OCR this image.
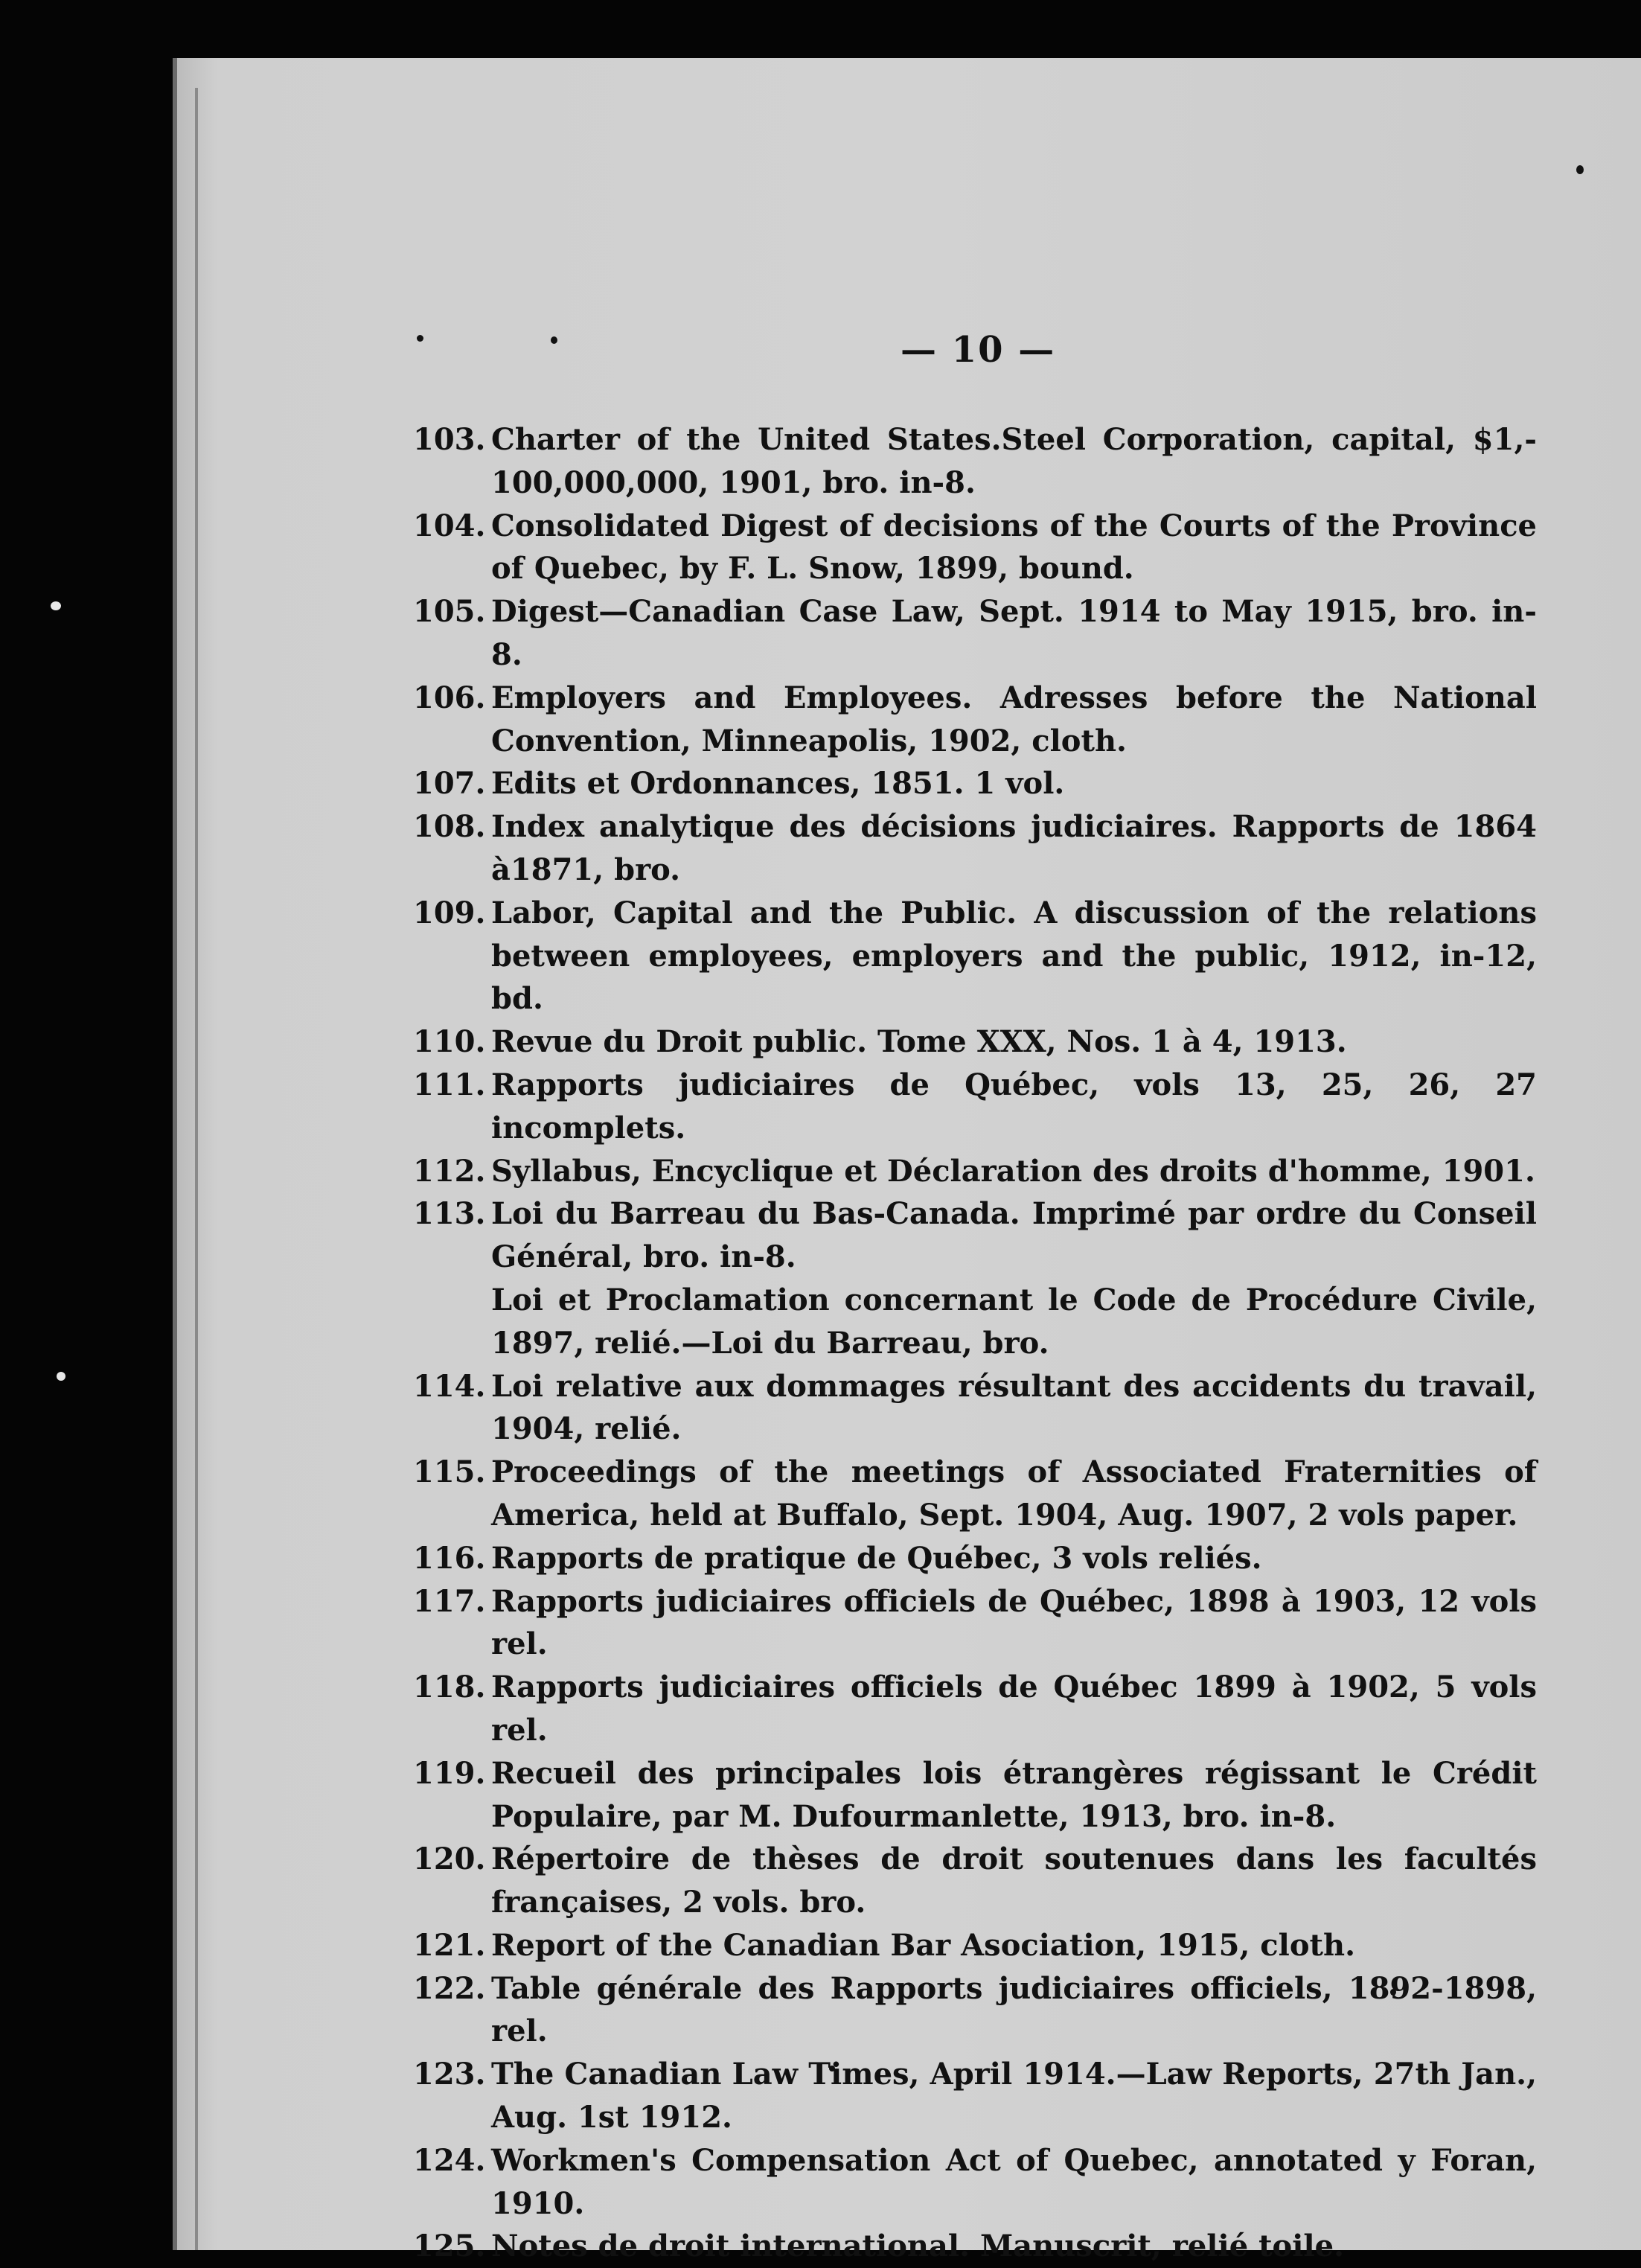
— 10 —
103. Charter of the United States.Steel Corporation, capital, $1,- 100,000,000, 1901, bro. in-8.
104. Consolidated Digest of decisions of the Courts of the Province of Quebec, by F. L. Snow, 1899, bound.
105. Digest—Canadian Case Law, Sept. 1914 to May 1915, bro. in-8.
106. Employers and Employees. Adresses before the National Convention, Minneapolis, 1902, cloth.
107. Edits et Ordonnances, 1851. 1 vol.
108. Index analytique des décisions judiciaires. Rapports de 1864 à1871, bro.
109. Labor, Capital and the Public. A discussion of the relations between employees, employers and the public, 1912, in-12, bd.
110. Revue du Droit public. Tome XXX, Nos. 1 à 4, 1913.
111. Rapports judiciaires de Québec, vols 13, 25, 26, 27 incomplets.
112. Syllabus, Encyclique et Déclaration des droits d'homme, 1901.
113. Loi du Barreau du Bas-Canada. Imprimé par ordre du Conseil Général, bro. in-8.
Loi et Proclamation concernant le Code de Procédure Civile, 1897, relié.—Loi du Barreau, bro.
114. Loi relative aux dommages résultant des accidents du travail, 1904, relié.
115. Proceedings of the meetings of Associated Fraternities of America, held at Buffalo, Sept. 1904, Aug. 1907, 2 vols paper.
116. Rapports de pratique de Québec, 3 vols reliés.
117. Rapports judiciaires officiels de Québec, 1898 à 1903, 12 vols rel.
118. Rapports judiciaires officiels de Québec 1899 à 1902, 5 vols rel.
119. Recueil des principales lois étrangères régissant le Crédit Populaire, par M. Dufourmanlette, 1913, bro. in-8.
120. Répertoire de thèses de droit soutenues dans les facultés françaises, 2 vols. bro.
121. Report of the Canadian Bar Asociation, 1915, cloth.
122. Table générale des Rapports judiciaires officiels, 1892-1898, rel.
123. The Canadian Law Times, April 1914.—Law Reports, 27th Jan., Aug. 1st 1912.
124. Workmen's Compensation Act of Quebec, annotated y Foran, 1910.
125. Notes de droit international. Manuscrit, relié toile.
